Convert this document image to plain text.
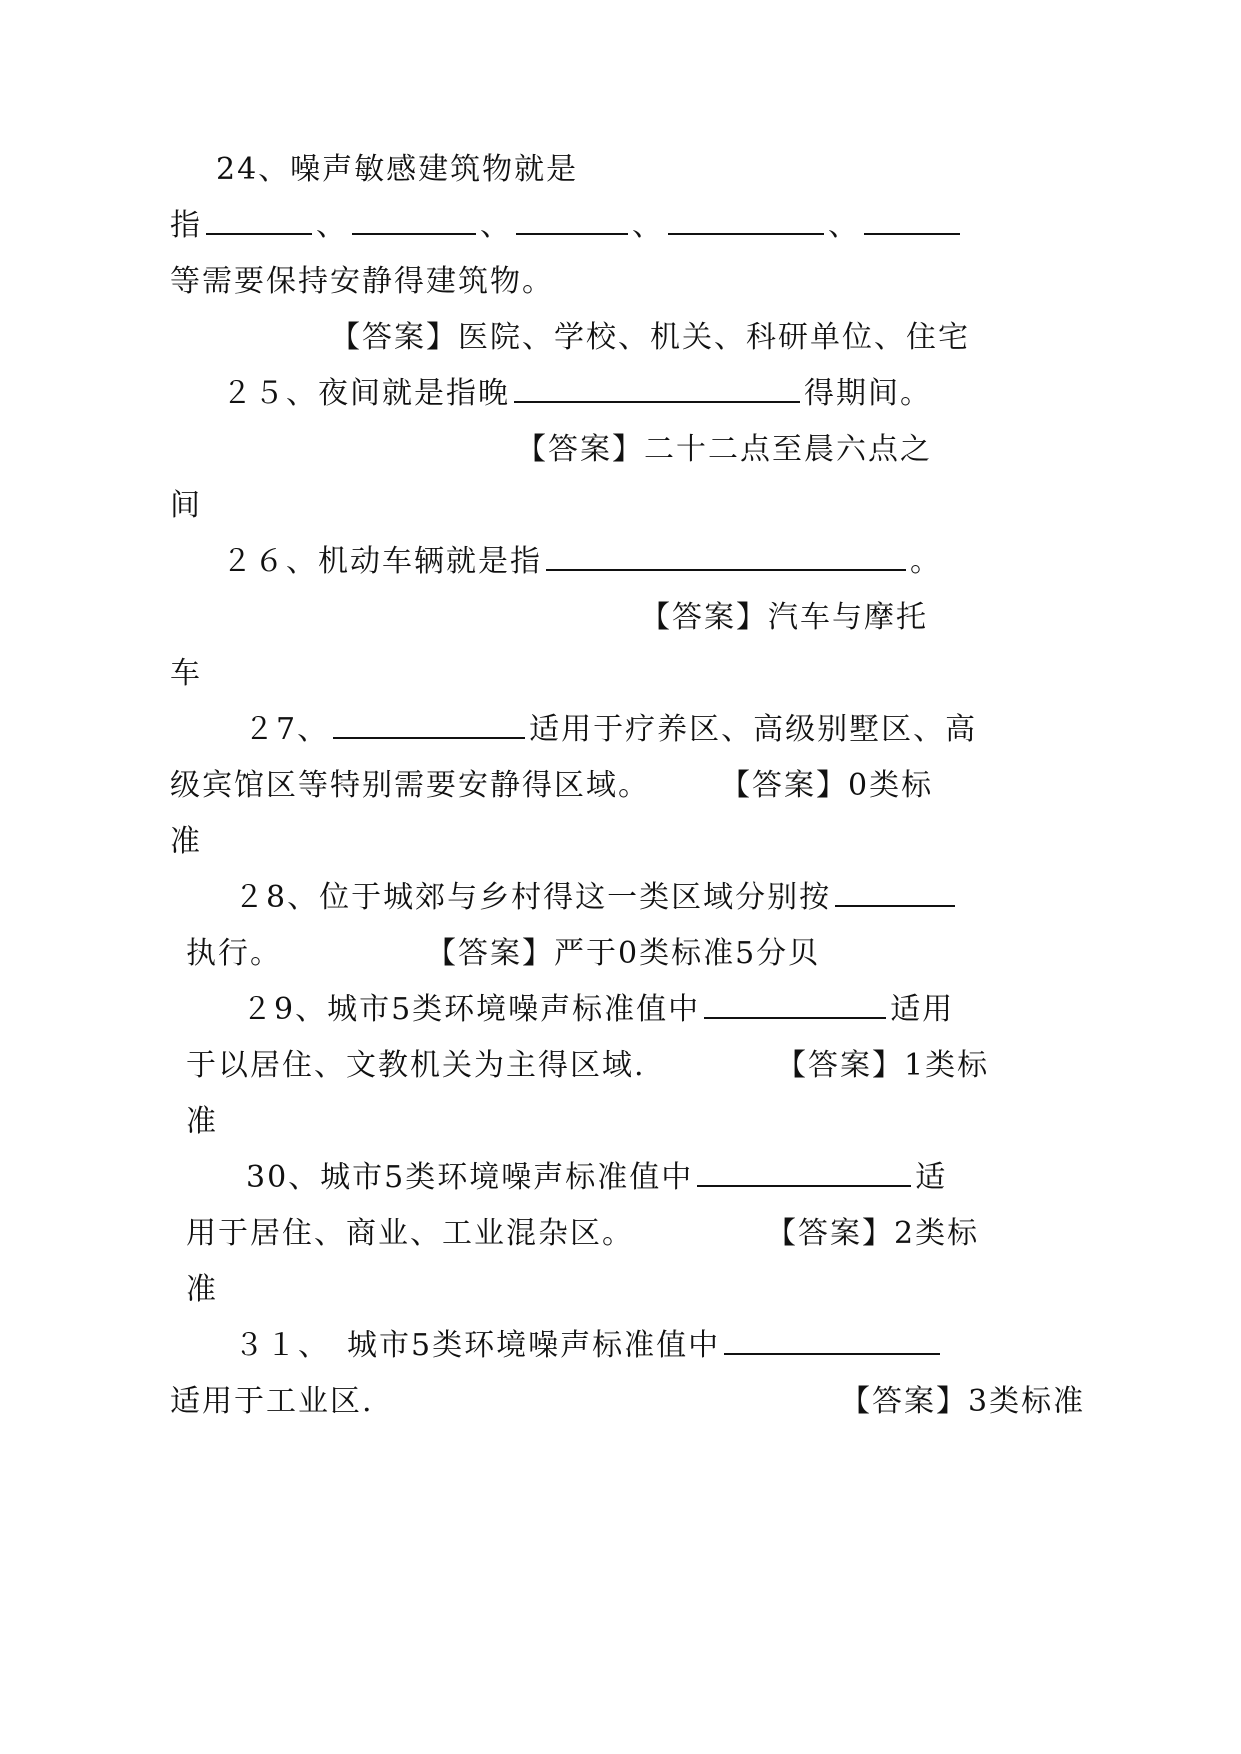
24、噪声敏感建筑物就是
指	、	、	、	、
等需要保持安静得建筑物。
【答案】医院、学校、机关、科研单位、住宅
２５、夜间就是指晚	得期间。
【答案】二十二点至晨六点之
间
２６、机动车辆就是指	。
【答案】汽车与摩托
车
２7、	适用于疗养区、高级别墅区、高
级宾馆区等特别需要安静得区域。 【答案】0类标
准
２8、位于城郊与乡村得这一类区域分别按
执行。	【答案】严于0类标准5分贝
２9、城市5类环境噪声标准值中	适用
于以居住、文教机关为主得区域.	【答案】1类标
准
30、城市5类环境噪声标准值中	适
用于居住、商业、工业混杂区。	【答案】2类标
准
３１、　城市5类环境噪声标准值中
适用于工业区.	【答案】3类标准
